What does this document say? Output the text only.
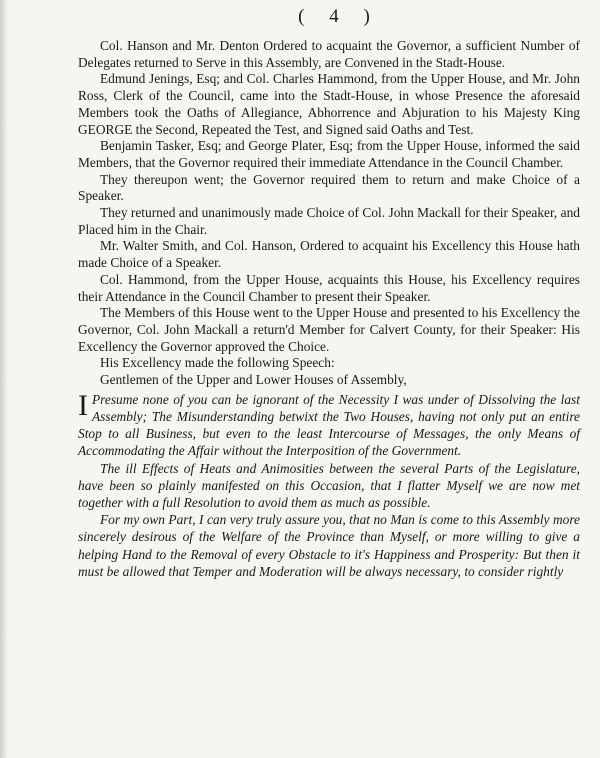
( 4 )

Col. Hanson and Mr. Denton Ordered to acquaint the Governor, a sufficient Number of Delegates returned to Serve in this Assembly, are Convened in the Stadt-House.

Edmund Jenings, Esq; and Col. Charles Hammond, from the Upper House, and Mr. John Ross, Clerk of the Council, came into the Stadt-House, in whose Presence the aforesaid Members took the Oaths of Allegiance, Abhorrence and Abjuration to his Majesty King GEORGE the Second, Repeated the Test, and Signed said Oaths and Test.

Benjamin Tasker, Esq; and George Plater, Esq; from the Upper House, informed the said Members, that the Governor required their immediate Attendance in the Council Chamber.

They thereupon went; the Governor required them to return and make Choice of a Speaker.

They returned and unanimously made Choice of Col. John Mackall for their Speaker, and Placed him in the Chair.

Mr. Walter Smith, and Col. Hanson, Ordered to acquaint his Excellency this House hath made Choice of a Speaker.

Col. Hammond, from the Upper House, acquaints this House, his Excellency requires their Attendance in the Council Chamber to present their Speaker.

The Members of this House went to the Upper House and presented to his Excellency the Governor, Col. John Mackall a return'd Member for Calvert County, for their Speaker: His Excellency the Governor approved the Choice.

His Excellency made the following Speech:

Gentlemen of the Upper and Lower Houses of Assembly,

I Presume none of you can be ignorant of the Necessity I was under of Dissolving the last Assembly; The Misunderstanding betwixt the Two Houses, having not only put an entire Stop to all Business, but even to the least Intercourse of Messages, the only Means of Accommodating the Affair without the Interposition of the Government.

The ill Effects of Heats and Animosities between the several Parts of the Legislature, have been so plainly manifested on this Occasion, that I flatter Myself we are now met together with a full Resolution to avoid them as much as possible.

For my own Part, I can very truly assure you, that no Man is come to this Assembly more sincerely desirous of the Welfare of the Province than Myself, or more willing to give a helping Hand to the Removal of every Obstacle to it's Happiness and Prosperity: But then it must be allowed that Temper and Moderation will be always necessary, to consider rightly
